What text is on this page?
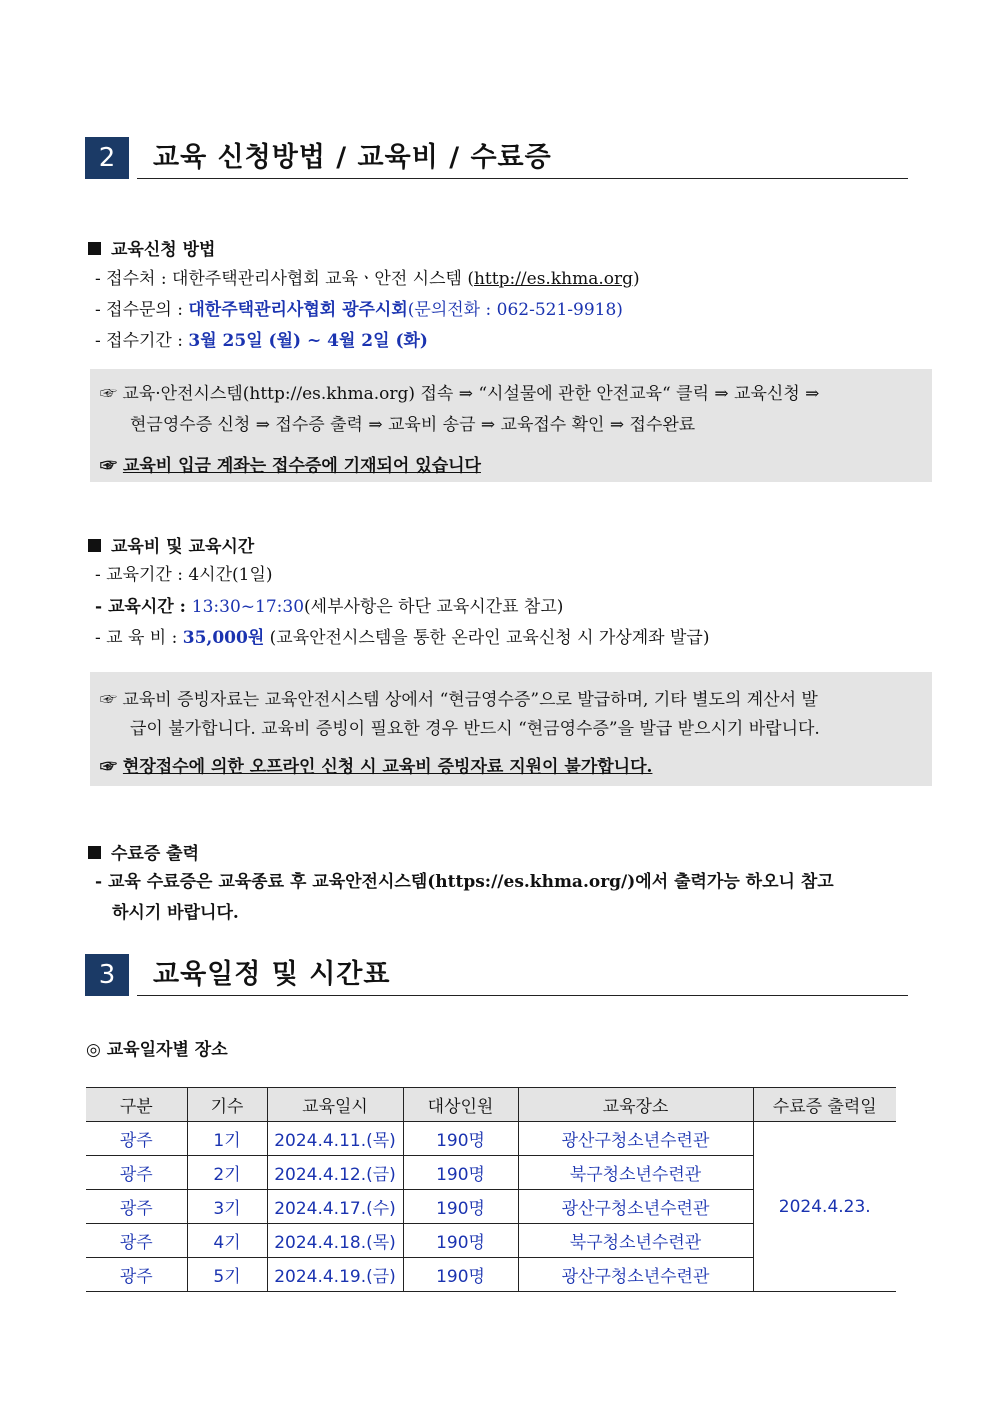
2	교육 신청방법 / 교육비 / 수료증
교육신청 방법
- 접수처 : 대한주택관리사협회 교육ㆍ안전 시스템 (http://es.khma.org)
- 접수문의 : 대한주택관리사협회 광주시회(문의전화 : 062-521-9918)
- 접수기간 : 3월 25일 (월) ~ 4월 2일 (화)
☞ 교육·안전시스템(http://es.khma.org) 접속 ⇒ “시설물에 관한 안전교육“ 클릭 ⇒ 교육신청 ⇒
현금영수증 신청 ⇒ 접수증 출력 ⇒ 교육비 송금 ⇒ 교육접수 확인 ⇒ 접수완료
☞ 교육비 입금 계좌는 접수증에 기재되어 있습니다
교육비 및 교육시간
- 교육기간 : 4시간(1일)
- 교육시간 : 13:30~17:30(세부사항은 하단 교육시간표 참고)
- 교 육 비 : 35,000원 (교육안전시스템을 통한 온라인 교육신청 시 가상계좌 발급)
☞ 교육비 증빙자료는 교육안전시스템 상에서 “현금영수증”으로 발급하며, 기타 별도의 계산서 발
급이 불가합니다. 교육비 증빙이 필요한 경우 반드시 “현금영수증”을 발급 받으시기 바랍니다.
☞ 현장접수에 의한 오프라인 신청 시 교육비 증빙자료 지원이 불가합니다.
수료증 출력
- 교육 수료증은 교육종료 후 교육안전시스템(https://es.khma.org/)에서 출력가능 하오니 참고
하시기 바랍니다.
3	교육일정 및 시간표
◎ 교육일자별 장소
구분	기수	교육일시	대상인원	교육장소	수료증 출력일
광주	1기	2024.4.11.(목)	190명	광산구청소년수련관	2024.4.23.
광주	2기	2024.4.12.(금)	190명	북구청소년수련관	
광주	3기	2024.4.17.(수)	190명	광산구청소년수련관	
광주	4기	2024.4.18.(목)	190명	북구청소년수련관	
광주	5기	2024.4.19.(금)	190명	광산구청소년수련관	
